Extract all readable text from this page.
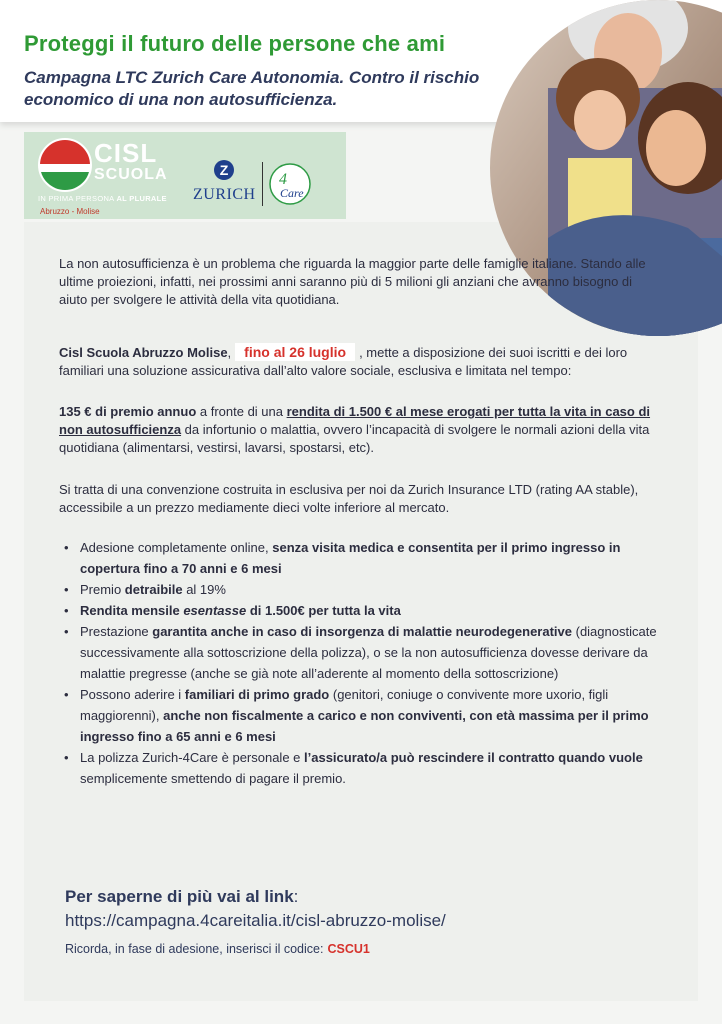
Proteggi il futuro delle persone che ami
Campagna LTC Zurich Care Autonomia. Contro il rischio economico di una non autosufficienza.
CISL
SCUOLA
IN PRIMA PERSONA AL PLURALE
Abruzzo - Molise
Z
ZURICH
4
Care

La non autosufficienza è un problema che riguarda la maggior parte delle famiglie italiane. Stando alle ultime proiezioni, infatti, nei prossimi anni saranno più di 5 milioni gli anziani che avranno bisogno di aiuto per svolgere le attività della vita quotidiana.

Cisl Scuola Abruzzo Molise, fino al 26 luglio , mette a disposizione dei suoi iscritti e dei loro familiari una soluzione assicurativa dall’alto valore sociale, esclusiva e limitata nel tempo:

135 € di premio annuo a fronte di una rendita di 1.500 € al mese erogati per tutta la vita in caso di non autosufficienza da infortunio o malattia, ovvero l’incapacità di svolgere le normali azioni della vita quotidiana (alimentarsi, vestirsi, lavarsi, spostarsi, etc).

Si tratta di una convenzione costruita in esclusiva per noi da Zurich Insurance LTD (rating AA stable), accessibile a un prezzo mediamente dieci volte inferiore al mercato.

• Adesione completamente online, senza visita medica e consentita per il primo ingresso in copertura fino a 70 anni e 6 mesi
• Premio detraibile al 19%
• Rendita mensile esentasse di 1.500€ per tutta la vita
• Prestazione garantita anche in caso di insorgenza di malattie neurodegenerative (diagnosticate successivamente alla sottoscrizione della polizza), o se la non autosufficienza dovesse derivare da malattie pregresse (anche se già note all’aderente al momento della sottoscrizione)
• Possono aderire i familiari di primo grado (genitori, coniuge o convivente more uxorio, figli maggiorenni), anche non fiscalmente a carico e non conviventi, con età massima per il primo ingresso fino a 65 anni e 6 mesi
• La polizza Zurich-4Care è personale e l’assicurato/a può rescindere il contratto quando vuole semplicemente smettendo di pagare il premio.

Per saperne di più vai al link:

https://campagna.4careitalia.it/cisl-abruzzo-molise/

Ricorda, in fase di adesione, inserisci il codice: CSCU1
